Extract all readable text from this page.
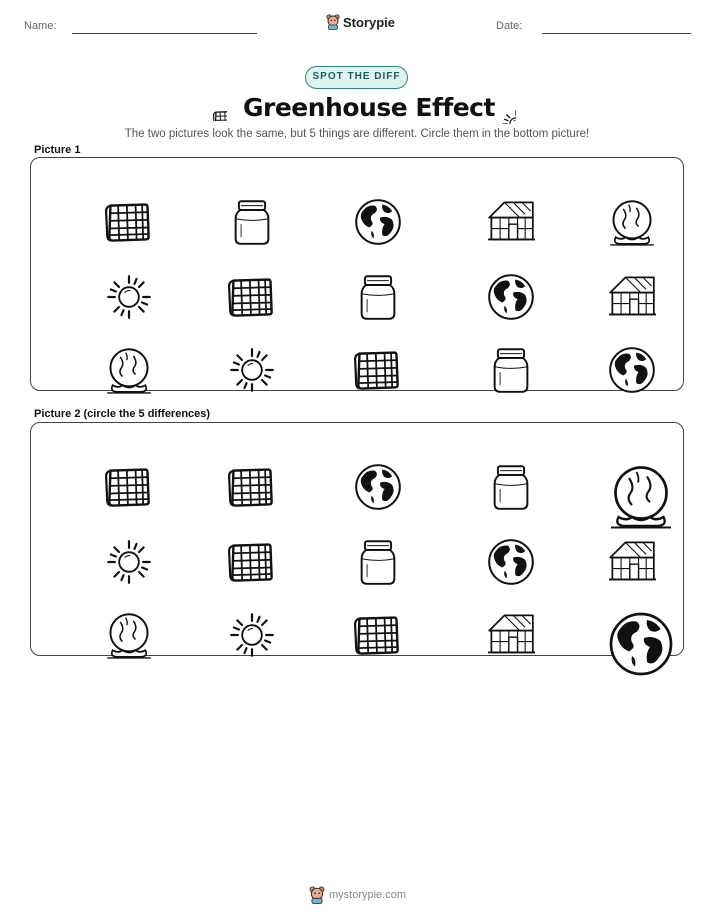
Name:	Storypie	Date:
SPOT THE DIFF
Greenhouse Effect
The two pictures look the same, but 5 things are different. Circle them in the bottom picture!
Picture 1
Picture 2 (circle the 5 differences)
mystorypie.com
